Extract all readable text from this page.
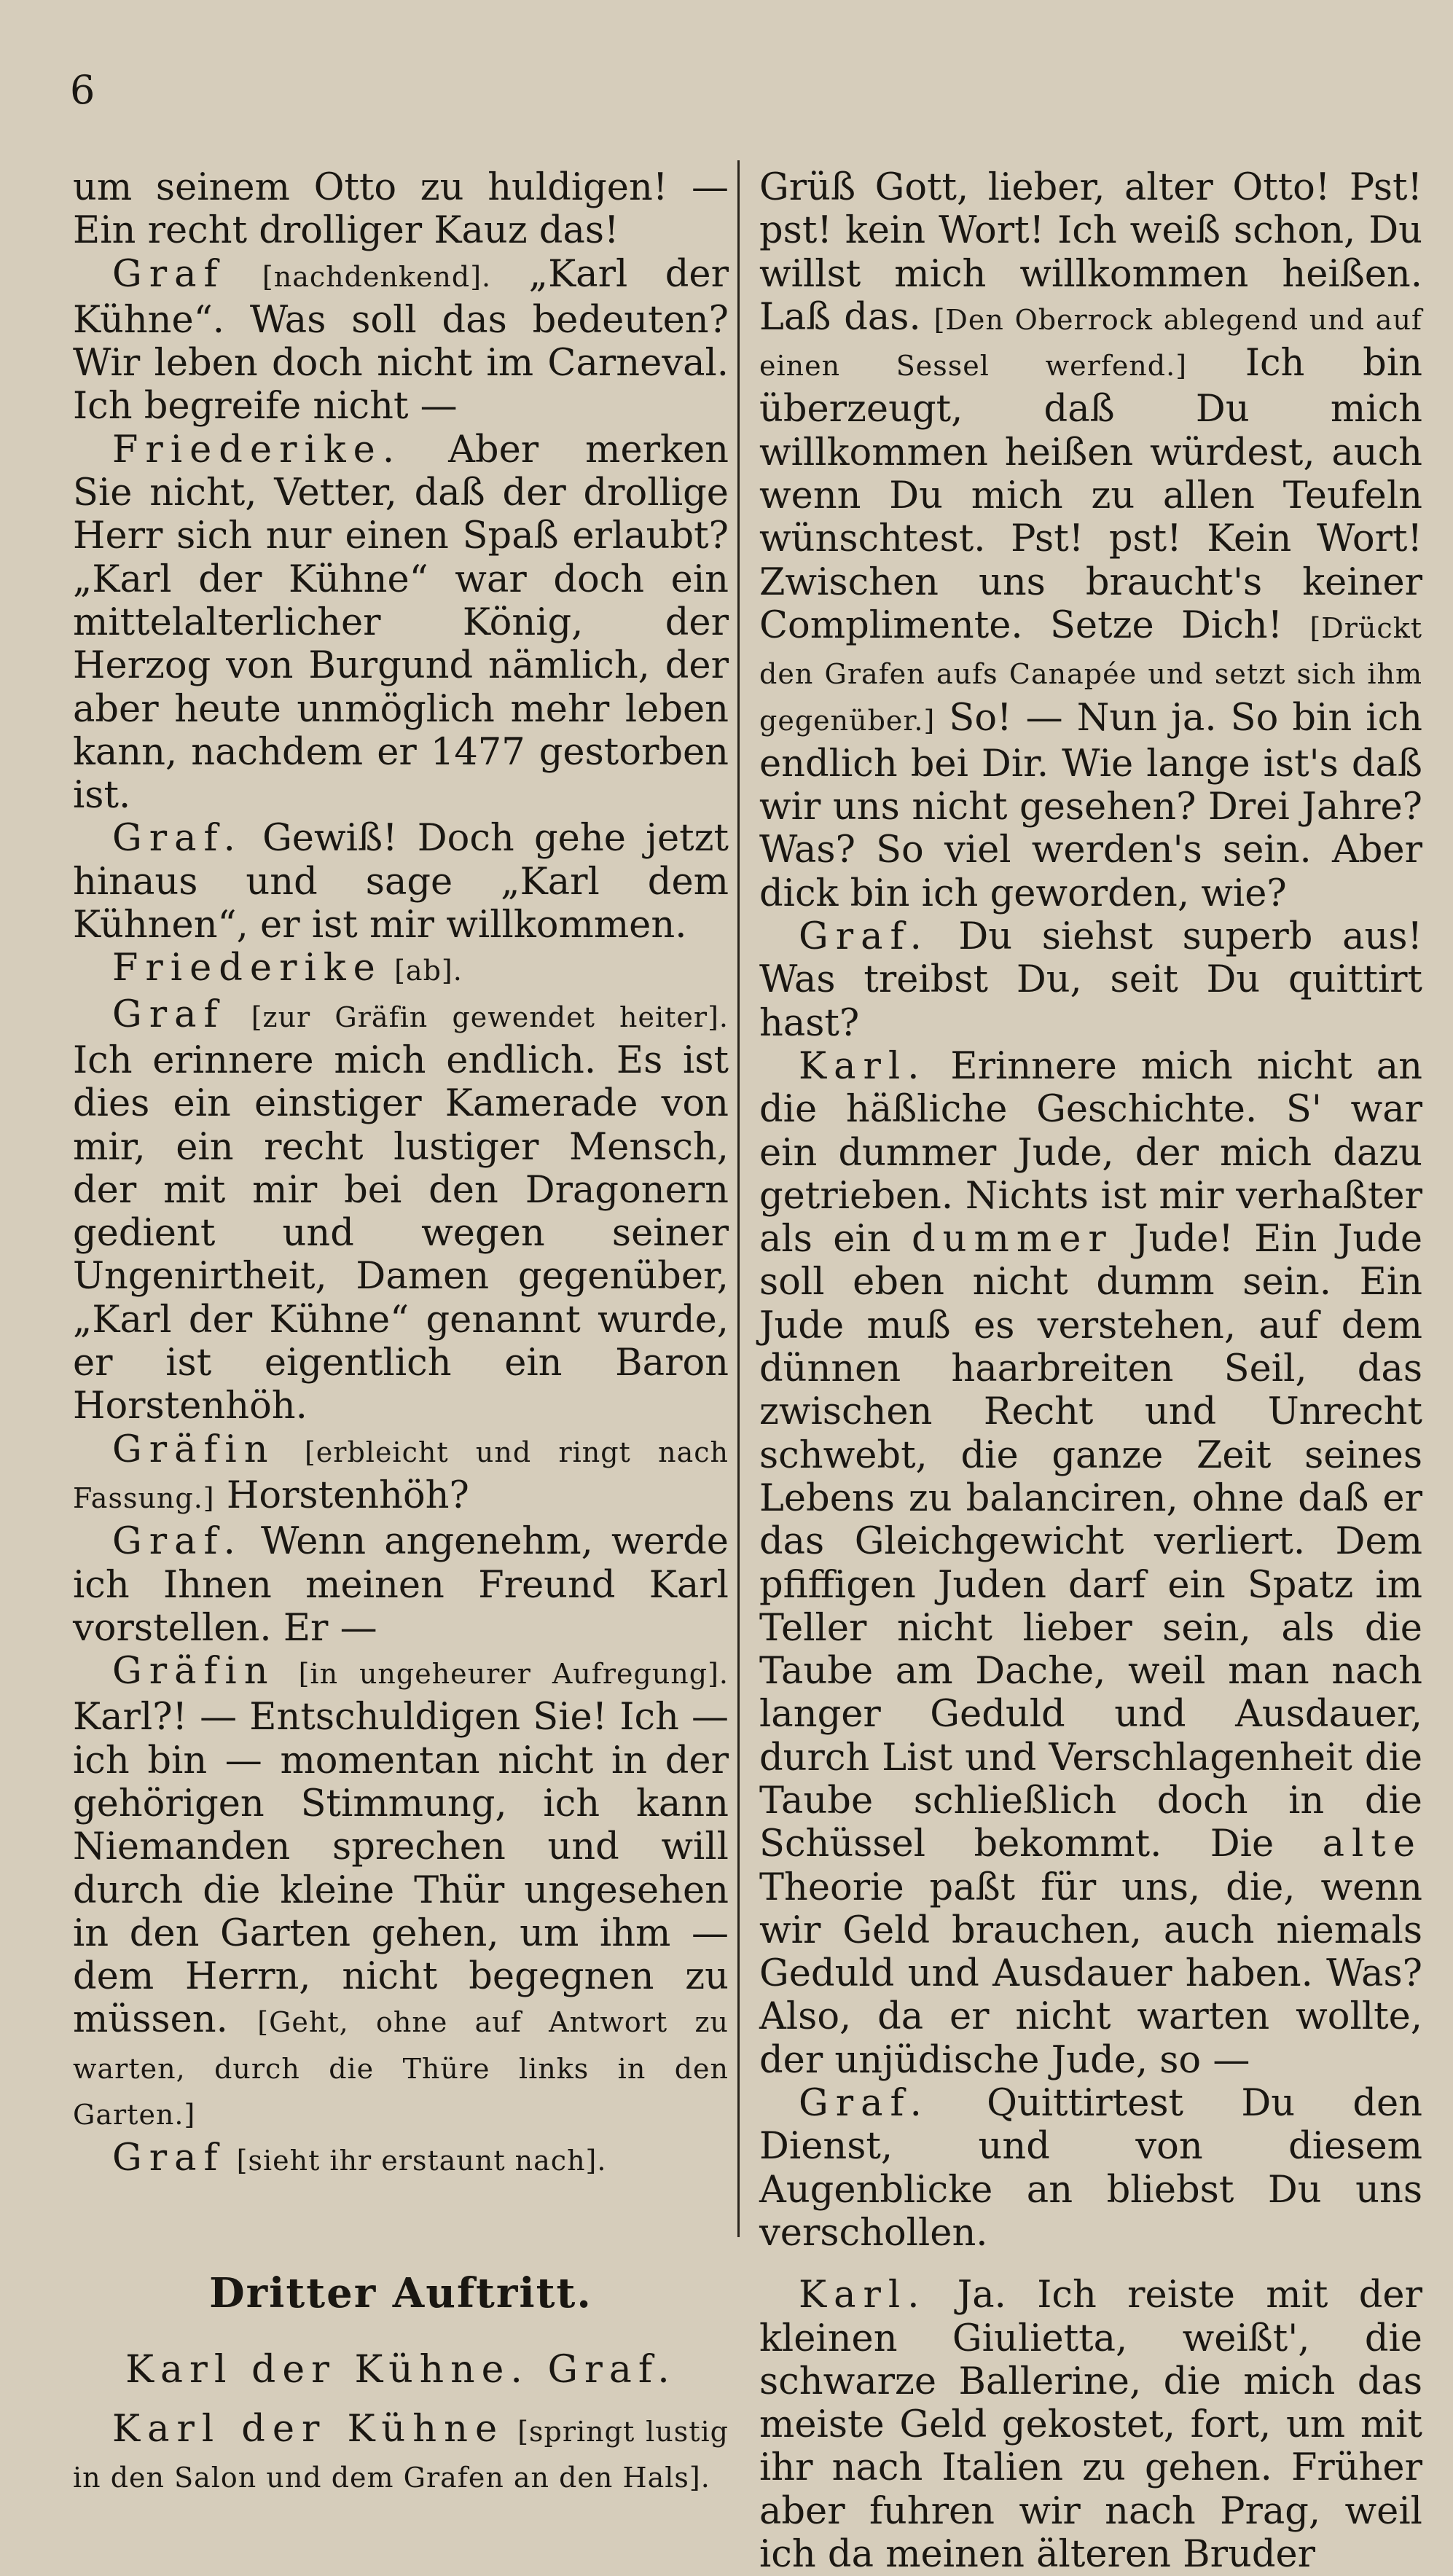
6

um seinem Otto zu huldigen! — Ein recht drolliger Kauz das!

Graf [nachdenkend]. „Karl der Kühne“. Was soll das bedeuten? Wir leben doch nicht im Carneval. Ich begreife nicht —

Friederike. Aber merken Sie nicht, Vetter, daß der drollige Herr sich nur einen Spaß erlaubt? „Karl der Kühne“ war doch ein mittelalterlicher König, der Herzog von Burgund nämlich, der aber heute unmöglich mehr leben kann, nachdem er 1477 gestorben ist.

Graf. Gewiß! Doch gehe jetzt hinaus und sage „Karl dem Kühnen“, er ist mir willkommen.

Friederike [ab].

Graf [zur Gräfin gewendet heiter]. Ich erinnere mich endlich. Es ist dies ein einstiger Kamerade von mir, ein recht lustiger Mensch, der mit mir bei den Dragonern gedient und wegen seiner Ungenirtheit, Damen gegenüber, „Karl der Kühne“ genannt wurde, er ist eigentlich ein Baron Horstenhöh.

Gräfin [erbleicht und ringt nach Fassung.] Horstenhöh?

Graf. Wenn angenehm, werde ich Ihnen meinen Freund Karl vorstellen. Er —

Gräfin [in ungeheurer Aufregung]. Karl?! — Entschuldigen Sie! Ich — ich bin — momentan nicht in der gehörigen Stimmung, ich kann Niemanden sprechen und will durch die kleine Thür ungesehen in den Garten gehen, um ihm — dem Herrn, nicht begegnen zu müssen. [Geht, ohne auf Antwort zu warten, durch die Thüre links in den Garten.]

Graf [sieht ihr erstaunt nach].

Dritter Auftritt.
Karl der Kühne. Graf.

Karl der Kühne [springt lustig in den Salon und dem Grafen an den Hals].

Grüß Gott, lieber, alter Otto! Pst! pst! kein Wort! Ich weiß schon, Du willst mich willkommen heißen. Laß das. [Den Oberrock ablegend und auf einen Sessel werfend.] Ich bin überzeugt, daß Du mich willkommen heißen würdest, auch wenn Du mich zu allen Teufeln wünschtest. Pst! pst! Kein Wort! Zwischen uns braucht's keiner Complimente. Setze Dich! [Drückt den Grafen aufs Canapée und setzt sich ihm gegenüber.] So! — Nun ja. So bin ich endlich bei Dir. Wie lange ist's daß wir uns nicht gesehen? Drei Jahre? Was? So viel werden's sein. Aber dick bin ich geworden, wie?

Graf. Du siehst superb aus! Was treibst Du, seit Du quittirt hast?

Karl. Erinnere mich nicht an die häßliche Geschichte. S' war ein dummer Jude, der mich dazu getrieben. Nichts ist mir verhaßter als ein dummer Jude! Ein Jude soll eben nicht dumm sein. Ein Jude muß es verstehen, auf dem dünnen haarbreiten Seil, das zwischen Recht und Unrecht schwebt, die ganze Zeit seines Lebens zu balanciren, ohne daß er das Gleichgewicht verliert. Dem pfiffigen Juden darf ein Spatz im Teller nicht lieber sein, als die Taube am Dache, weil man nach langer Geduld und Ausdauer, durch List und Verschlagenheit die Taube schließlich doch in die Schüssel bekommt. Die alte Theorie paßt für uns, die, wenn wir Geld brauchen, auch niemals Geduld und Ausdauer haben. Was? Also, da er nicht warten wollte, der unjüdische Jude, so —

Graf. Quittirtest Du den Dienst, und von diesem Augenblicke an bliebst Du uns verschollen.

Karl. Ja. Ich reiste mit der kleinen Giulietta, weißt', die schwarze Ballerine, die mich das meiste Geld gekostet, fort, um mit ihr nach Italien zu gehen. Früher aber fuhren wir nach Prag, weil ich da meinen älteren Bruder
